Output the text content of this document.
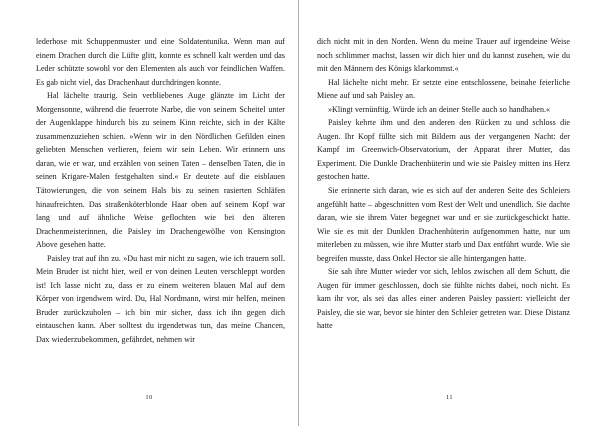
lederhose mit Schuppenmuster und eine Soldatentunika. Wenn man auf einem Drachen durch die Lüfte glitt, konnte es schnell kalt werden und das Leder schützte sowohl vor den Elementen als auch vor feindlichen Waffen. Es gab nicht viel, das Drachenhaut durchdringen konnte.

Hal lächelte traurig. Sein verbliebenes Auge glänzte im Licht der Morgensonne, während die feuerrote Narbe, die von seinem Scheitel unter der Augenklappe hindurch bis zu seinem Kinn reichte, sich in der Kälte zusammenzuziehen schien. »Wenn wir in den Nördlichen Gefilden einen geliebten Menschen verlieren, feiern wir sein Leben. Wir erinnern uns daran, wie er war, und erzählen von seinen Taten – denselben Taten, die in seinen Krigare-Malen festgehalten sind.« Er deutete auf die eisblauen Tätowierungen, die von seinem Hals bis zu seinen rasierten Schläfen hinaufreichten. Das straßenköterblonde Haar oben auf seinem Kopf war lang und auf ähnliche Weise geflochten wie bei den älteren Drachenmeisterinnen, die Paisley im Drachengewölbe von Kensington Above gesehen hatte.

Paisley trat auf ihn zu. »Du hast mir nicht zu sagen, wie ich trauern soll. Mein Bruder ist nicht hier, weil er von deinen Leuten verschleppt worden ist! Ich lasse nicht zu, dass er zu einem weiteren blauen Mal auf dem Körper von irgendwem wird. Du, Hal Nordmann, wirst mir helfen, meinen Bruder zurückzuholen – ich bin mir sicher, dass ich ihn gegen dich eintauschen kann. Aber solltest du irgendetwas tun, das meine Chancen, Dax wiederzubekommen, gefährdet, nehmen wir

10

dich nicht mit in den Norden. Wenn du meine Trauer auf irgendeine Weise noch schlimmer machst, lassen wir dich hier und du kannst zusehen, wie du mit den Männern des Königs klarkommst.«

Hal lächelte nicht mehr. Er setzte eine entschlossene, beinahe feierliche Miene auf und sah Paisley an.

»Klingt vernünftig. Würde ich an deiner Stelle auch so handhaben.«

Paisley kehrte ihm und den anderen den Rücken zu und schloss die Augen. Ihr Kopf füllte sich mit Bildern aus der vergangenen Nacht: der Kampf im Greenwich-Observatorium, der Apparat ihrer Mutter, das Experiment. Die Dunkle Drachenhüterin und wie sie Paisley mitten ins Herz gestochen hatte.

Sie erinnerte sich daran, wie es sich auf der anderen Seite des Schleiers angefühlt hatte – abgeschnitten vom Rest der Welt und unendlich. Sie dachte daran, wie sie ihrem Vater begegnet war und er sie zurückgeschickt hatte. Wie sie es mit der Dunklen Drachenhüterin aufgenommen hatte, nur um miterleben zu müssen, wie ihre Mutter starb und Dax entführt wurde. Wie sie begreifen musste, dass Onkel Hector sie alle hintergangen hatte.

Sie sah ihre Mutter wieder vor sich, leblos zwischen all dem Schutt, die Augen für immer geschlossen, doch sie fühlte nichts dabei, noch nicht. Es kam ihr vor, als sei das alles einer anderen Paisley passiert: vielleicht der Paisley, die sie war, bevor sie hinter den Schleier getreten war. Diese Distanz hatte

11
